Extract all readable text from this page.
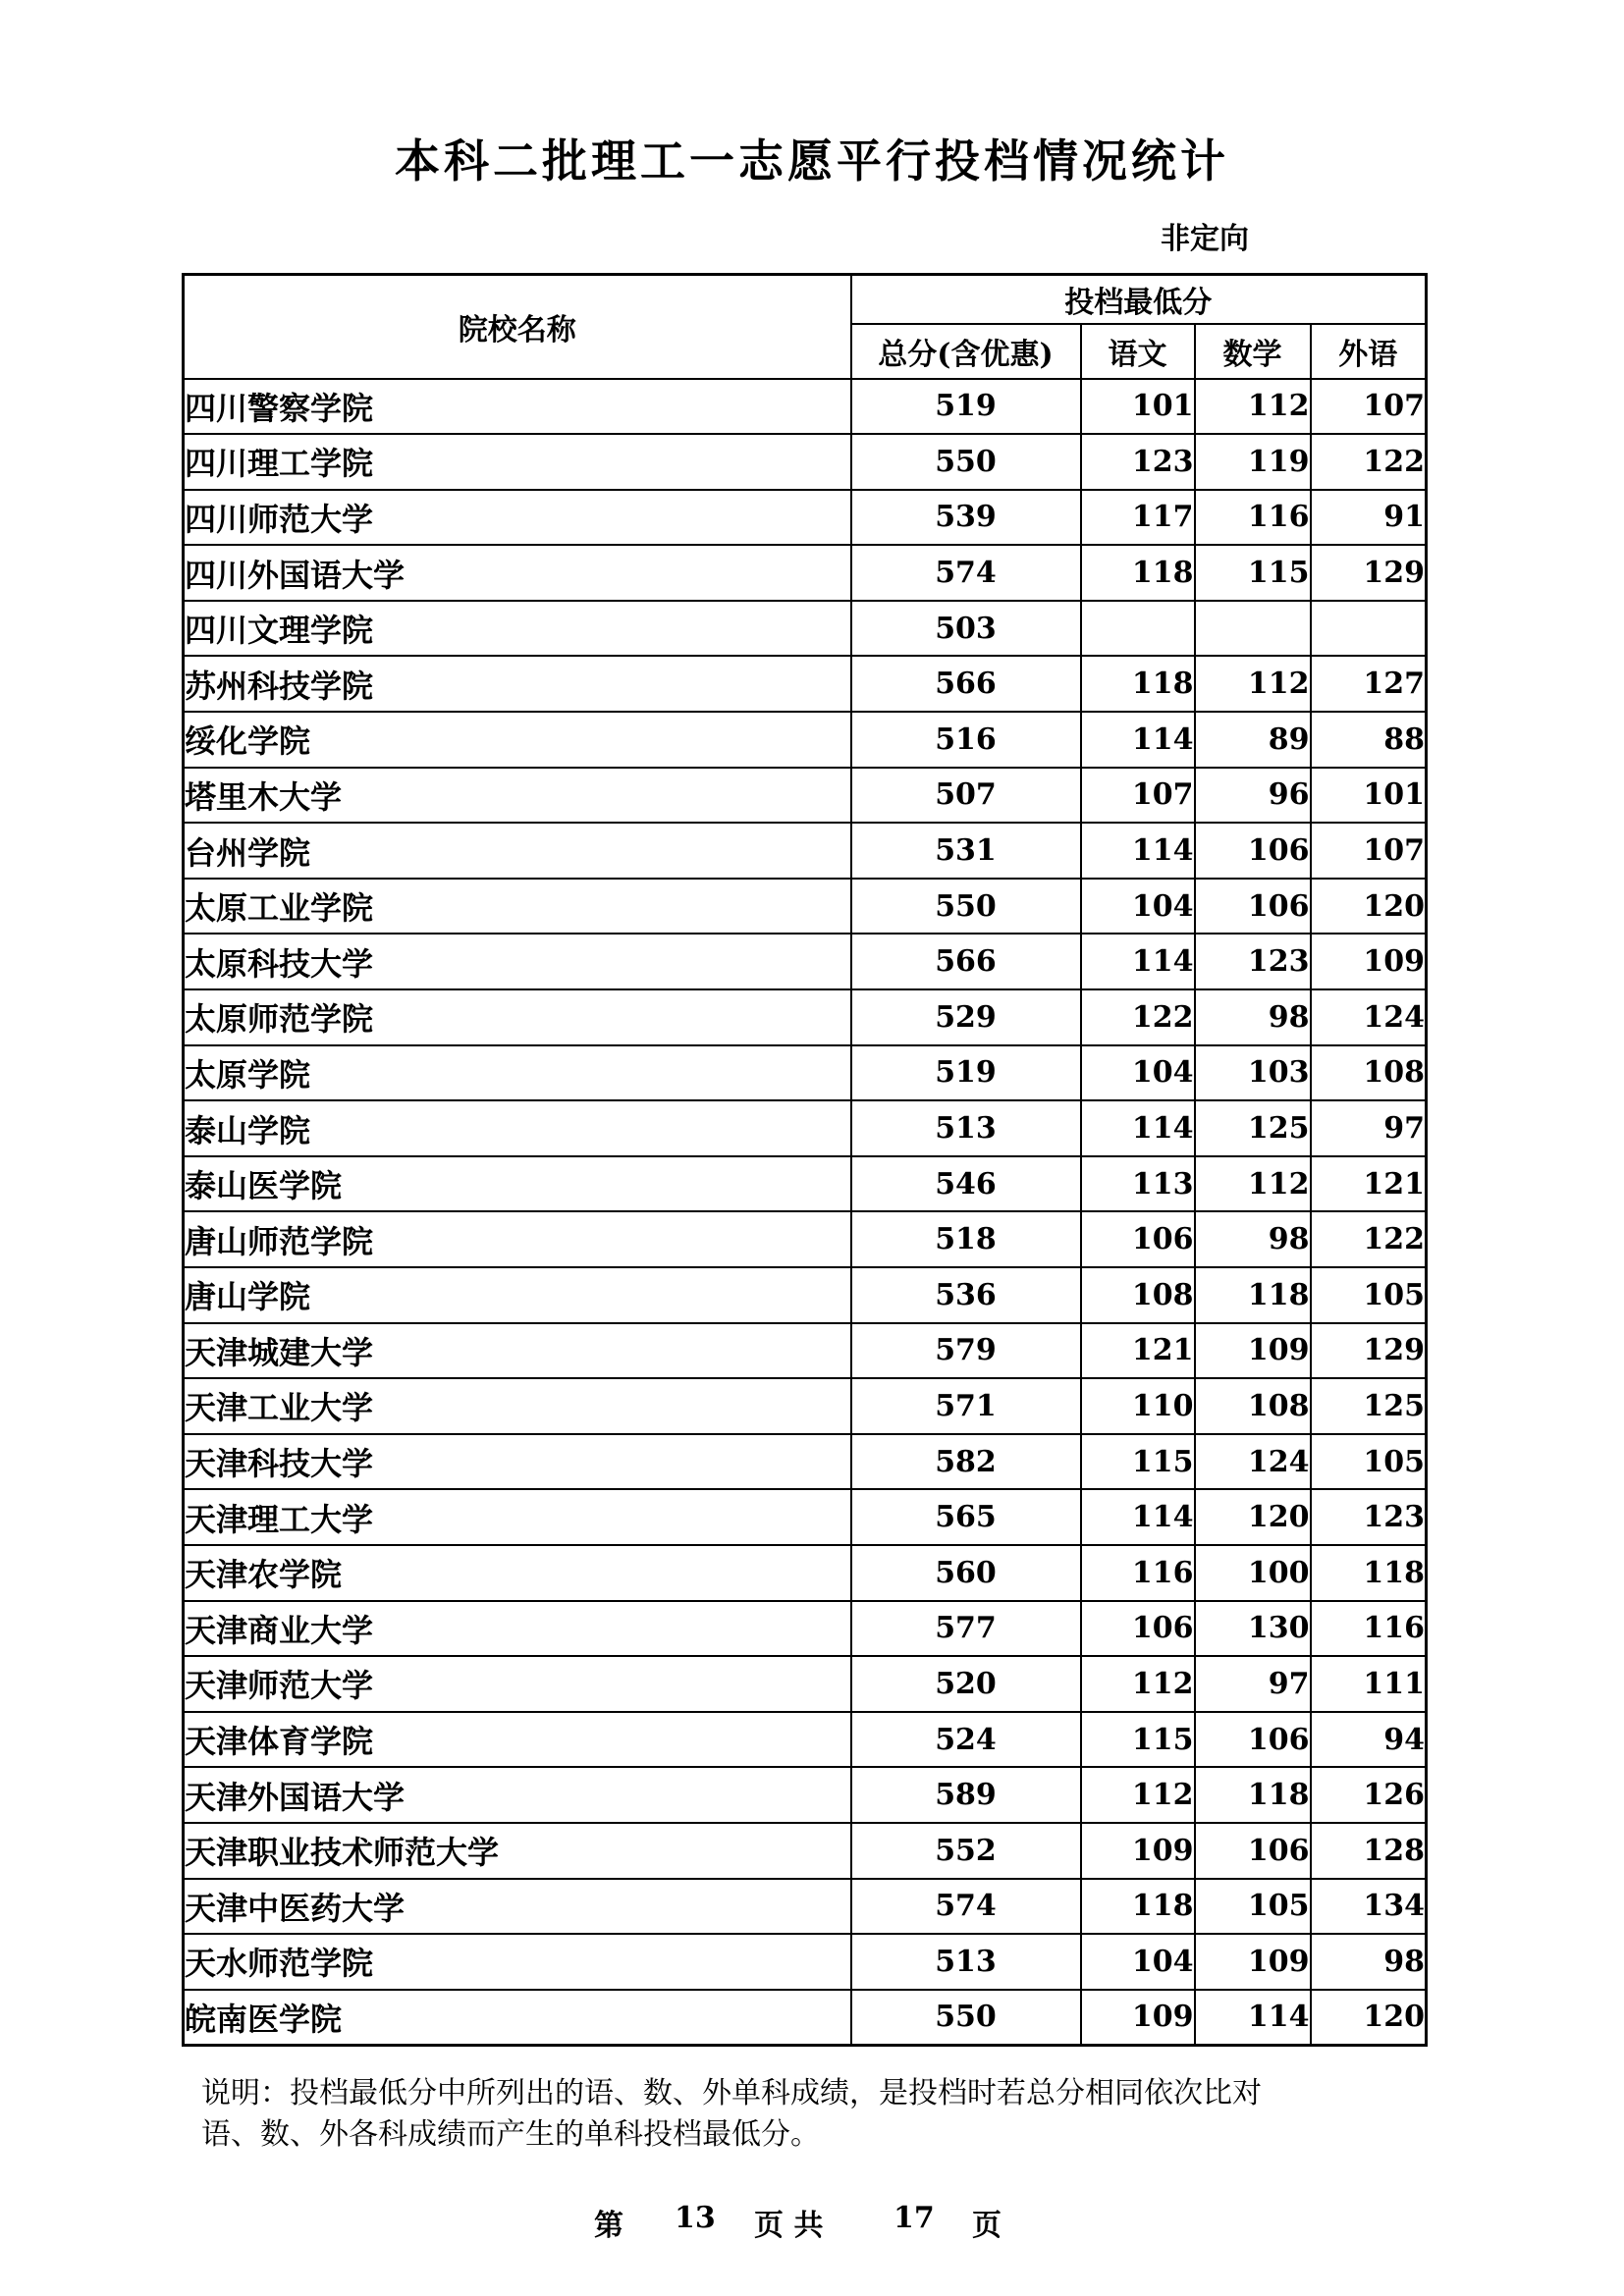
本科二批理工一志愿平行投档情况统计
非定向
院校名称	投档最低分			
	总分(含优惠)	语文	数学	外语
四川警察学院	519	101	112	107
四川理工学院	550	123	119	122
四川师范大学	539	117	116	91
四川外国语大学	574	118	115	129
四川文理学院	503			
苏州科技学院	566	118	112	127
绥化学院	516	114	89	88
塔里木大学	507	107	96	101
台州学院	531	114	106	107
太原工业学院	550	104	106	120
太原科技大学	566	114	123	109
太原师范学院	529	122	98	124
太原学院	519	104	103	108
泰山学院	513	114	125	97
泰山医学院	546	113	112	121
唐山师范学院	518	106	98	122
唐山学院	536	108	118	105
天津城建大学	579	121	109	129
天津工业大学	571	110	108	125
天津科技大学	582	115	124	105
天津理工大学	565	114	120	123
天津农学院	560	116	100	118
天津商业大学	577	106	130	116
天津师范大学	520	112	97	111
天津体育学院	524	115	106	94
天津外国语大学	589	112	118	126
天津职业技术师范大学	552	109	106	128
天津中医药大学	574	118	105	134
天水师范学院	513	104	109	98
皖南医学院	550	109	114	120
说明：投档最低分中所列出的语、数、外单科成绩，是投档时若总分相同依次比对
语、数、外各科成绩而产生的单科投档最低分。
第 13 页 共 17 页
